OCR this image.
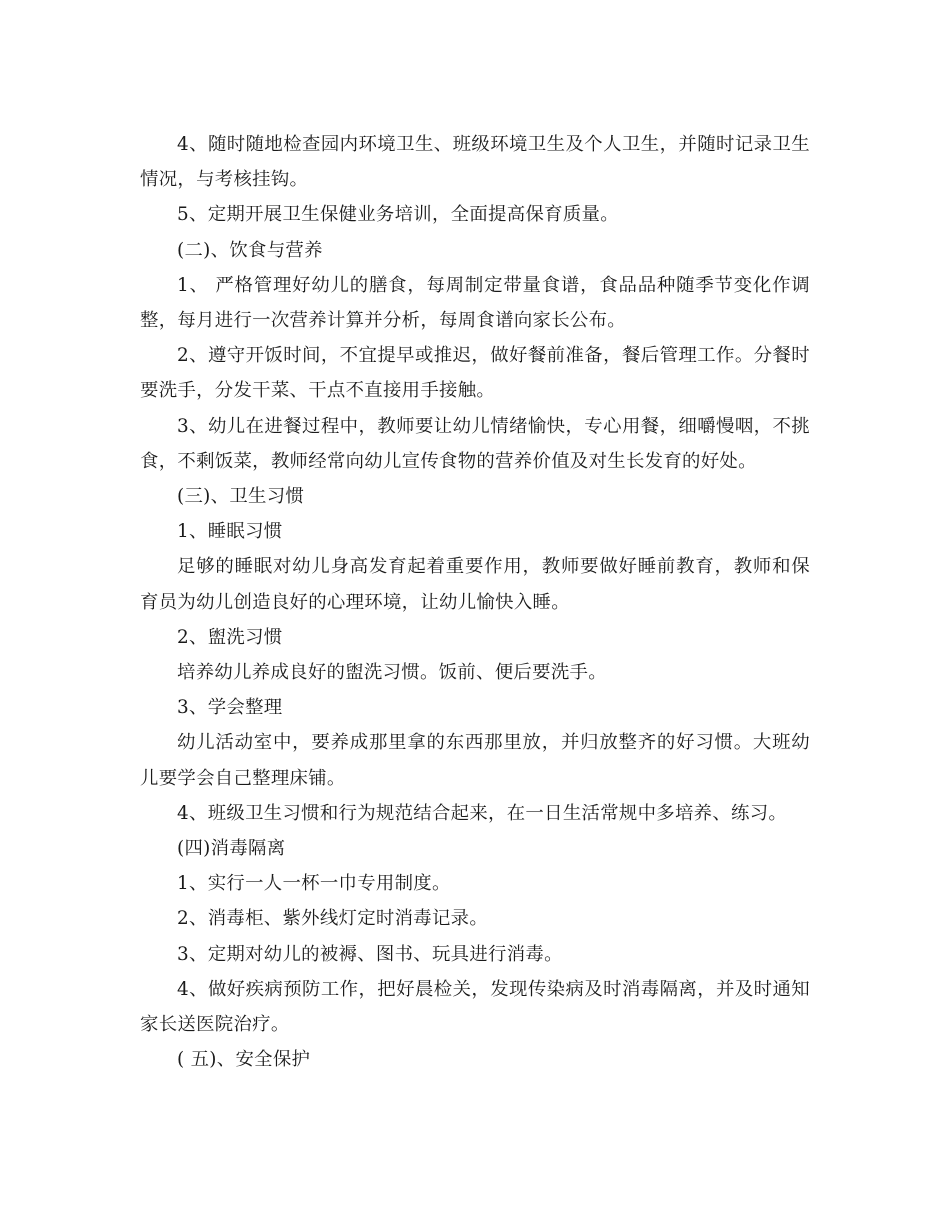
4、随时随地检查园内环境卫生、班级环境卫生及个人卫生，并随时记录卫生情况，与考核挂钩。

5、定期开展卫生保健业务培训，全面提高保育质量。

(二)、饮食与营养

1、 严格管理好幼儿的膳食，每周制定带量食谱，食品品种随季节变化作调整，每月进行一次营养计算并分析，每周食谱向家长公布。

2、遵守开饭时间，不宜提早或推迟，做好餐前准备，餐后管理工作。分餐时要洗手，分发干菜、干点不直接用手接触。

3、幼儿在进餐过程中，教师要让幼儿情绪愉快，专心用餐，细嚼慢咽，不挑食，不剩饭菜，教师经常向幼儿宣传食物的营养价值及对生长发育的好处。

(三)、卫生习惯

1、睡眠习惯

足够的睡眠对幼儿身高发育起着重要作用，教师要做好睡前教育，教师和保育员为幼儿创造良好的心理环境，让幼儿愉快入睡。

2、盥洗习惯

培养幼儿养成良好的盥洗习惯。饭前、便后要洗手。

3、学会整理

幼儿活动室中，要养成那里拿的东西那里放，并归放整齐的好习惯。大班幼儿要学会自己整理床铺。

4、班级卫生习惯和行为规范结合起来，在一日生活常规中多培养、练习。

(四)消毒隔离

1、实行一人一杯一巾专用制度。

2、消毒柜、紫外线灯定时消毒记录。

3、定期对幼儿的被褥、图书、玩具进行消毒。

4、做好疾病预防工作，把好晨检关，发现传染病及时消毒隔离，并及时通知家长送医院治疗。

( 五)、安全保护
